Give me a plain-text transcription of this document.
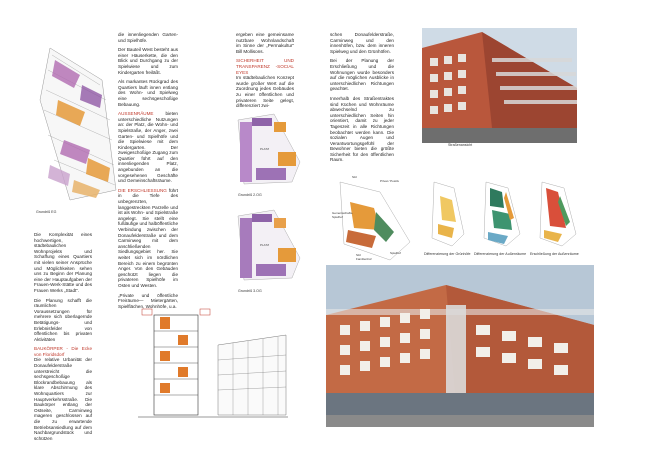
Grundriß EG

Die Komplexität eines hochwertigen, städtebaulichen Wohnprojekts und Schaffung eines Quartiers mit vielen seiner Ansprüche und Möglichkeiten sehen uns zu Beginn der Planung eine der Hauptaufgaben der Frauen-Werk-Stätte und des Frauen Werks „Stadt“.

Die Planung schafft die räumlichen Voraussetzungen für mehrere sich überlagernde Betätigungs- und Erlebnisfelder von öffentlichen bis privaten Aktivitäten

BAUKÖRPER - Die Ecke von Floridsdorf
Die relative Urbanität der Donaufelderstraße unterstreicht die sechsgeschoßige Blockrandbebauung als klare Abschirmung des Wohnquartiers zur Hauptverkehrsstraße. Die Baukörper entlang der Ostseite, Carminweg mageren geschlossen auf die zu erwartende Betriebsansiedlung auf dem Nachbargrundstück und schützen

die innenliegenden Garten- und Spielhöfe.

Der Bauteil West besteht aus einer Häuserkette, die den Blick und Durchgang zu der Spielwiese und zum Kindergarten freiläßt.

Als markantes Rückgrad des Quartiers läuft innen entlang des Wohn- und Spielweg eine sechsgeschoßige Bebauung.

AUSSENRÄUME	bieten unterschiedliche Nutzungen an: der Platz, die Wohn- und Spielstraße, der Anger, zwei Garten- und Spielhöfe und die Spielwiese mit dem Kindergarten. Der zweigeschoßige Zugang zum Quartier führt auf den innenliegenden Platz, angebunden an die vorgesehenen Geschäfte und Gemeinschaftsräume.

DIE ERSCHLIESSUNG führt in die Tiefe des unbegrenzten, langgestreckten Parzelle und ist als Wohn- und Spielstraße angelegt. Sie stellt eine fußläufige und halböffentliche Verbindung zwischen der Donaufelderstraße und dem Carminweg mit dem anschließenden Siedlungsgebiet her. Sie weitet sich im nördlichen Bereich zu einem begrünten Anger. Von den Gebäuden geschützt liegen die privateren Spielhöfe im Osten und Westen.

„Private und öffentliche Freiräume— Mietergärten, Spielflächen, Wohnhöfe, u.a.

ergeben eine gemeinsame nutzbare Wohnlandschaft im Sinne der „Permakultur“ Bill Mollisons.

SICHERHEIT UND TRANSPARENZ -SOCIAL EYES
Im städtebaulichen Konzept wurde großer Wert auf die Zuordnung jedes Gebäudes zu einer öffentlichen und privateren Seite gelegt, differenziert zwi-

schen Donaufelderstraße, Carminweg und den innenhöfen, bzw. dem inneren Spielweg und den Grünhöfen.

Bei der Planung der Erschließung und die Wohnungen wurde besonders auf die möglichen Ausblicke in unterschiedlichen Richtungen geachtet.

Innerhalb des Straßentraktes sind Küchen und Wohnräume abwechselnd zu unterschiedlichen Seiten hin orientiert, damit zu jeder Tageszeit in alle Richtungen beobachtet werden kann. Die sozialen Augen und Verantwortungsgefühl der Bewohner bieten die größte Sicherheit für den öffentlichen Raum.

PLATZ
Grundriß 2.OG
PLATZ
Grundriß 3.OG
Straßenansicht
Sitz
Privat / Positiv
Gemeinschafts-
Spielhof
Sitz
Familienhof
Spielhof	Differenzierung der Grünhöfe Differenzierung der Außenräume	Erschließung der Außenräume
